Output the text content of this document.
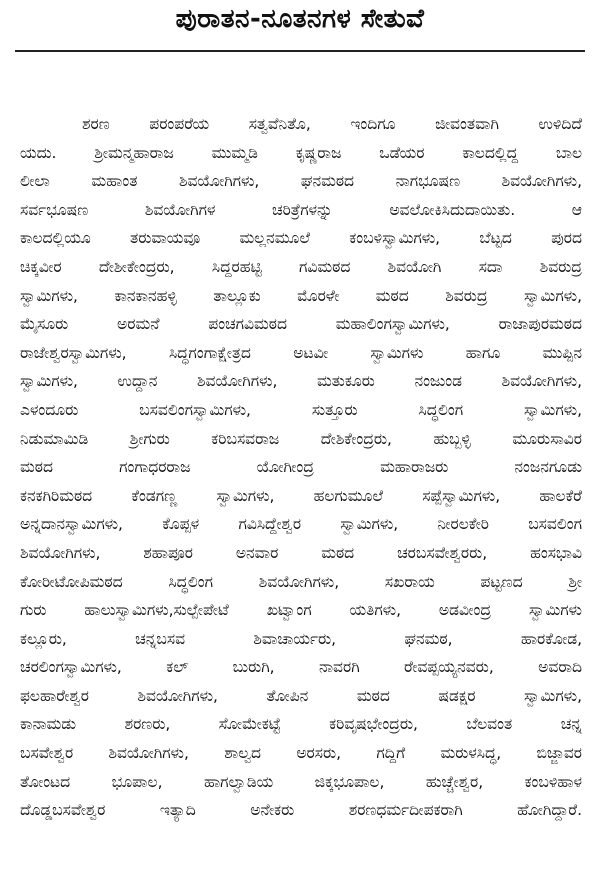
ಪುರಾತನ-ನೂತನಗಳ ಸೇತುವೆ
ಶರಣ ಪರಂಪರೆಯ ಸತ್ವವೆನಿತೊ, ಇಂದಿಗೂ ಜೀವಂತವಾಗಿ ಉಳಿದಿದೆ
ಯದು. ಶ್ರೀಮನ್ಮಹಾರಾಜ ಮುಮ್ಮಡಿ ಕೃಷ್ಣರಾಜ ಒಡೆಯರ ಕಾಲದಲ್ಲಿದ್ದ ಬಾಲ
ಲೀಲಾ ಮಹಾಂತ ಶಿವಯೋಗಿಗಳು, ಘನಮಠದ ನಾಗಭೂಷಣ ಶಿವಯೋಗಿಗಳು,
ಸರ್ವಭೂಷಣ ಶಿವಯೋಗಿಗಳ ಚರಿತ್ರೆಗಳನ್ನು ಅವಲೋಕಿಸಿದುದಾಯಿತು. ಆ
ಕಾಲದಲ್ಲಿಯೂ ತರುವಾಯವೂ ಮಲ್ಲನಮೂಲೆ ಕಂಬಳಿಸ್ವಾಮಿಗಳು, ಬೆಟ್ಟದ ಪುರದ
ಚಿಕ್ಕವೀರ ದೇಶೀಕೇಂದ್ರರು, ಸಿದ್ದರಹಟ್ಟಿ ಗವಿಮಠದ ಶಿವಯೋಗಿ ಸದಾ ಶಿವರುದ್ರ
ಸ್ವಾಮಿಗಳು, ಕಾನಕಾನಹಳ್ಳಿ ತಾಲ್ಲೂಕು ಮೊರಳೇ ಮಠದ ಶಿವರುದ್ರ ಸ್ವಾಮಿಗಳು,
ಮೈಸೂರು ಅರಮನೆ ಪಂಚಗವಿಮಠದ ಮಹಾಲಿಂಗಸ್ವಾಮಿಗಳು, ರಾಜಾಪುರಮಠದ
ರಾಜೇಶ್ವರಸ್ವಾಮಿಗಳು, ಸಿದ್ಧಗಂಗಾಕ್ಷೇತ್ರದ ಅಟವೀ ಸ್ವಾಮಿಗಳು ಹಾಗೂ ಮುಪ್ಪಿನ
ಸ್ವಾಮಿಗಳು, ಉದ್ದಾನ ಶಿವಯೋಗಿಗಳು, ಮತುಕೂರು ನಂಜುಂಡ ಶಿವಯೋಗಿಗಳು,
ಎಳಂದೂರು ಬಸವಲಿಂಗಸ್ವಾಮಿಗಳು, ಸುತ್ತೂರು ಸಿದ್ಧಲಿಂಗ ಸ್ವಾಮಿಗಳು,
ನಿಡುಮಾಮಿಡಿ ಶ್ರೀಗುರು ಕರಿಬಸವರಾಜ ದೇಶಿಕೇಂದ್ರರು, ಹುಬ್ಬಳ್ಳಿ ಮೂರುಸಾವಿರ
ಮಠದ ಗಂಗಾಧರರಾಜ ಯೋಗೀಂದ್ರ ಮಹಾರಾಜರು ನಂಜನಗೂಡು
ಕನಕಗಿರಿಮಠದ ಕೆಂಡಗಣ್ಣ ಸ್ವಾಮಿಗಳು, ಹಲಗುಮೂಲೆ ಸಪ್ಪೆಸ್ವಾಮಿಗಳು, ಹಾಲಕೆರೆ
ಅನ್ನದಾನಸ್ವಾಮಿಗಳು, ಕೊಪ್ಪಳ ಗವಿಸಿದ್ದೇಶ್ವರ ಸ್ವಾಮಿಗಳು, ನೀರಲಕೇರಿ ಬಸವಲಿಂಗ
ಶಿವಯೋಗಿಗಳು, ಶಹಾಪೂರ ಅನವಾರ ಮಠದ ಚರಬಸವೇಶ್ವರರು, ಹಂಸಭಾವಿ
ಕೋರೀಟೋಪಿಮಠದ ಸಿದ್ಧಲಿಂಗ ಶಿವಯೋಗಿಗಳು, ಸಖರಾಯ ಪಟ್ಟಣದ ಶ್ರೀ
ಗುರು ಹಾಲುಸ್ವಾಮಿಗಳು,ಸುಲ್ಪೇಪೇಟೆ ಖಟ್ವಾಂಗ ಯತಿಗಳು, ಅಡವೀಂದ್ರ ಸ್ವಾಮಿಗಳು
ಕಲ್ಲೂರು, ಚನ್ನಬಸವ ಶಿವಾಚಾರ್ಯರು, ಘನಮಠ, ಹಾರಕೋಡ,
ಚರಲಿಂಗಸ್ವಾಮಿಗಳು, ಕಲ್ ಬುರುಗಿ, ನಾವರಗಿ ರೇವಪ್ಪಯ್ಯನವರು, ಅವರಾದಿ
ಫಲಹಾರೇಶ್ವರ ಶಿವಯೋಗಿಗಳು, ತೋಪಿನ ಮಠದ ಷಡಕ್ಷರ ಸ್ವಾಮಿಗಳು,
ಕಾನಾಮಡು ಶರಣರು, ಸೋಮೇಕಟ್ಟೆ ಕರಿವೃಷಭೇಂದ್ರರು, ಬೆಲವಂತ ಚನ್ನ
ಬಸವೇಶ್ವರ ಶಿವಯೋಗಿಗಳು, ಶಾಲ್ವದ ಅರಸರು, ಗದ್ದಿಗೆ ಮರುಳಸಿದ್ಧ, ಬಿಜ್ಜಾವರ
ತೋಂಟದ ಭೂಪಾಲ, ಹಾಗಲ್ವಾಡಿಯ ಜಿಕ್ಕಭೂಪಾಲ, ಹುಚ್ಚೇಶ್ವರ, ಕಂಬಳಿಹಾಳ
ದೊಡ್ಡಬಸವೇಶ್ವರ ಇತ್ಯಾದಿ ಅನೇಕರು ಶರಣಧರ್ಮದೀಪಕರಾಗಿ ಹೋಗಿದ್ದಾರೆ.
